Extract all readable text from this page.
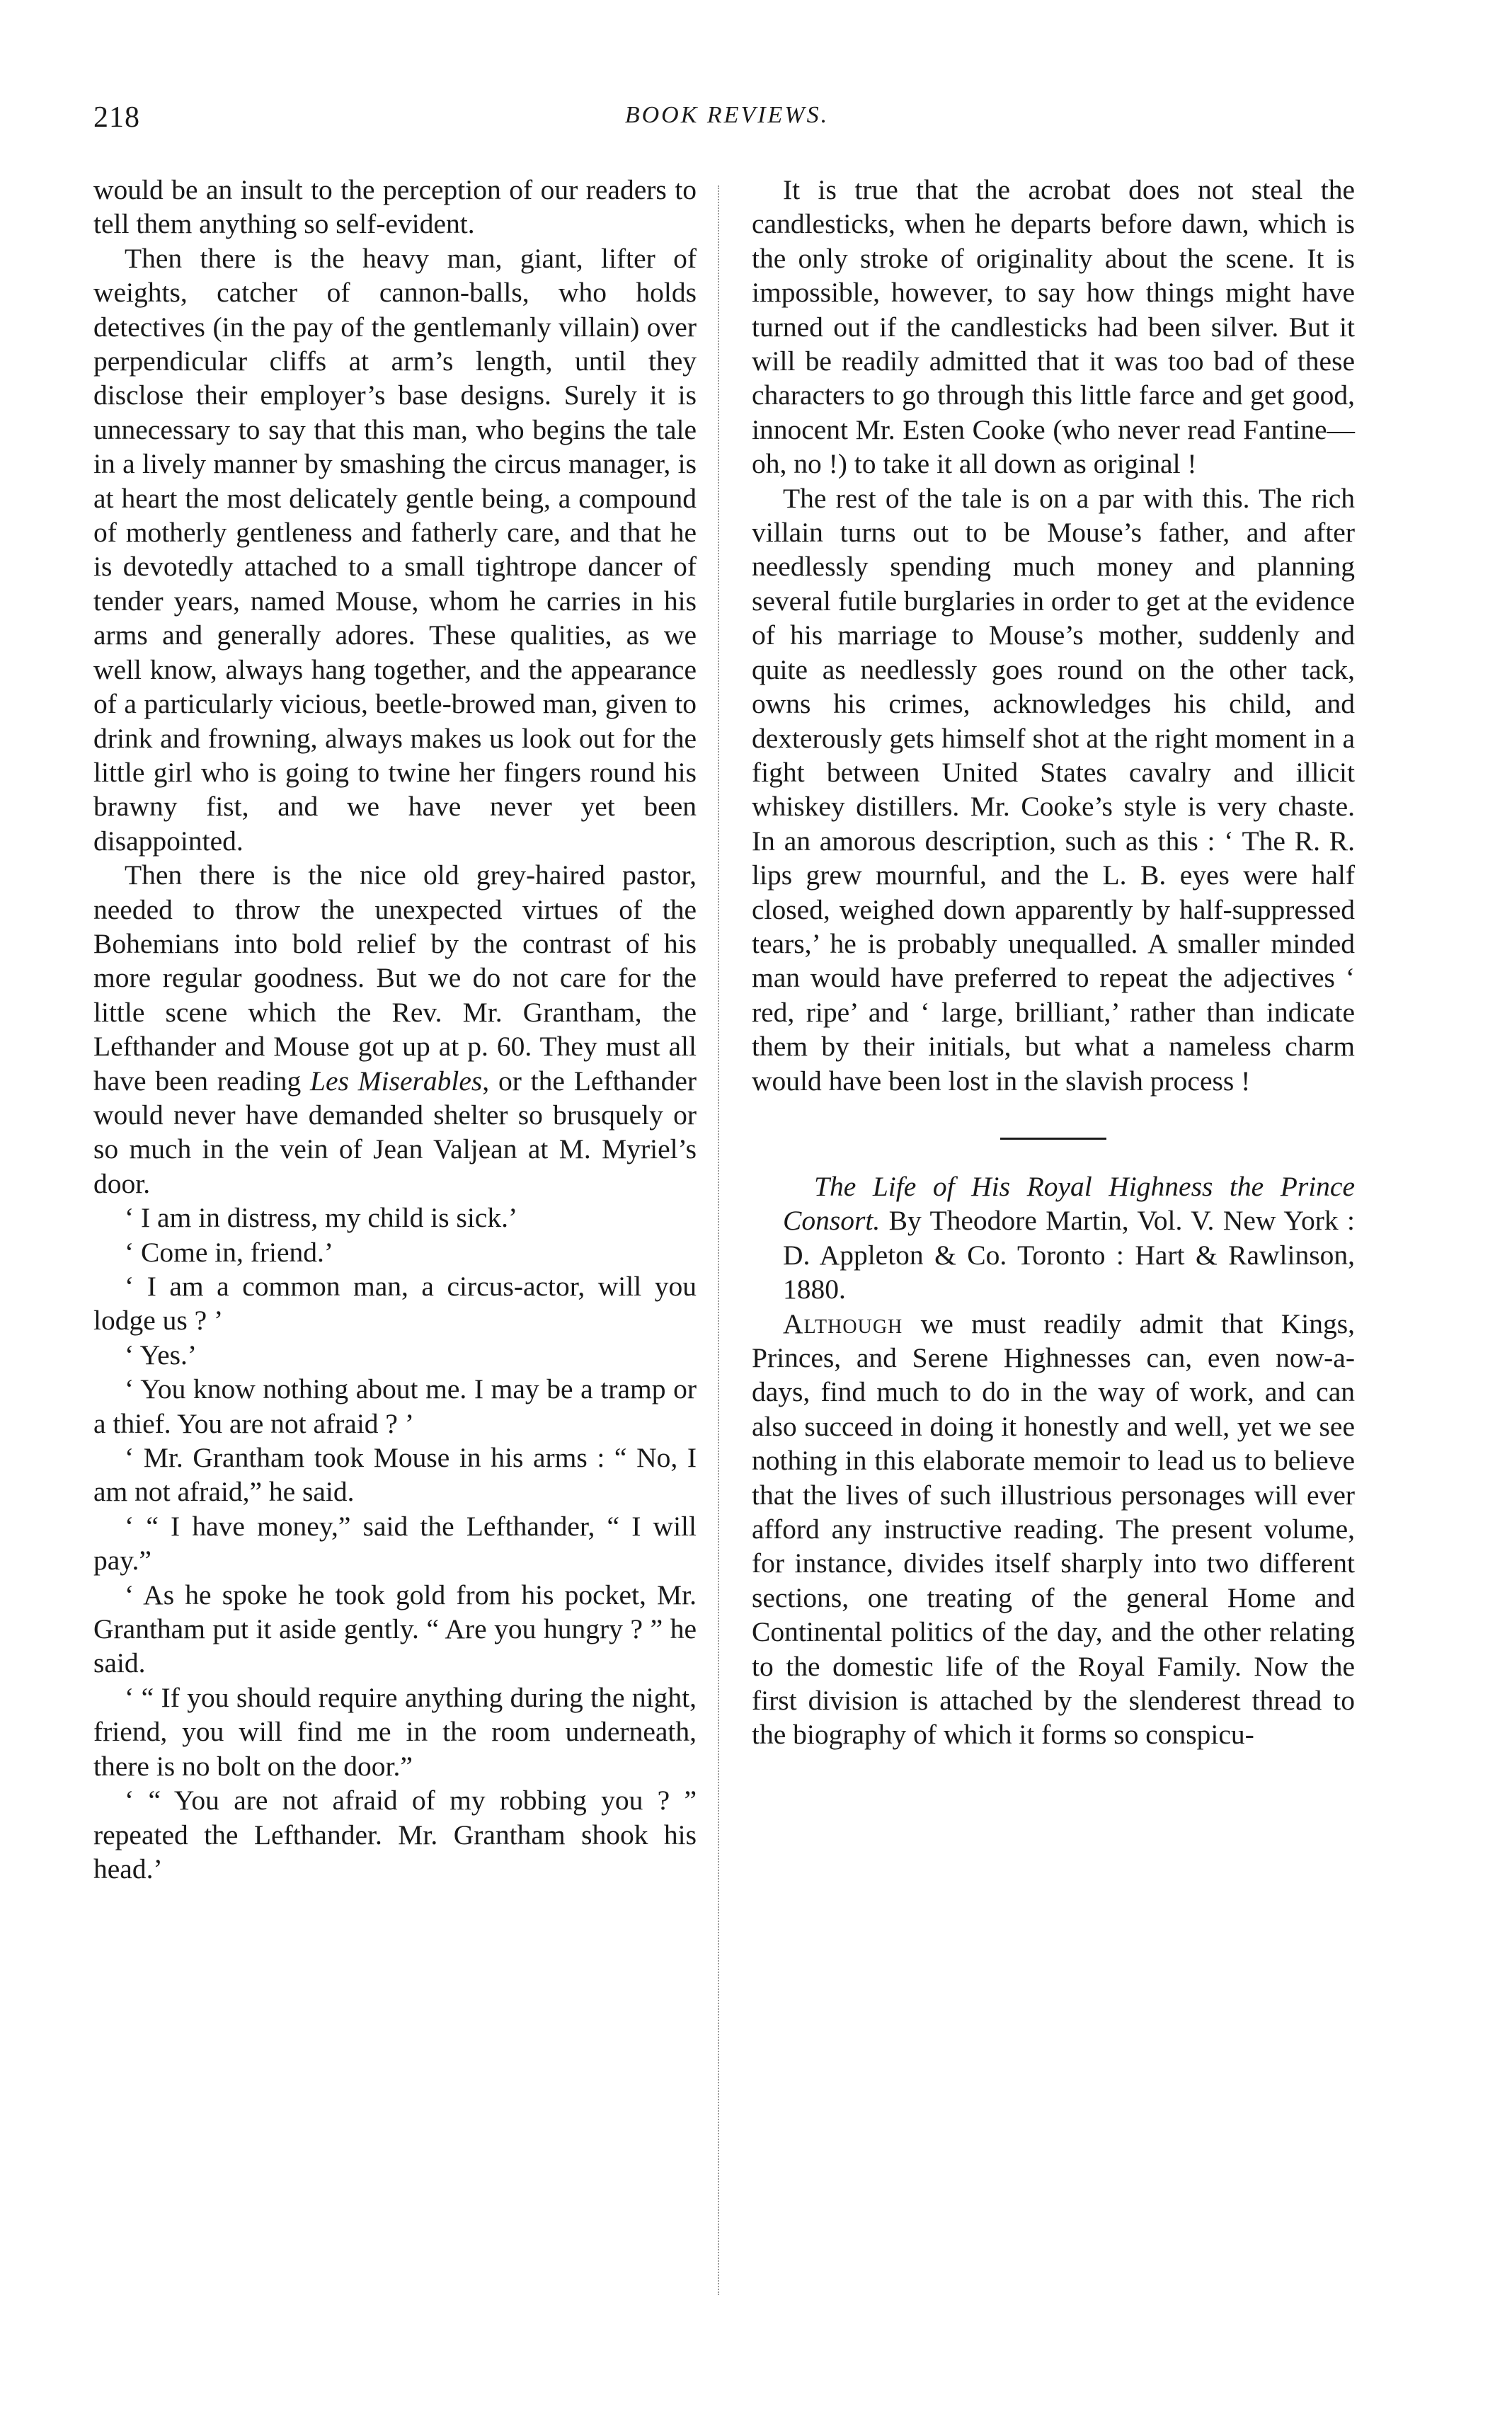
218	BOOK REVIEWS.

would be an insult to the perception of our readers to tell them anything so self-evident.

Then there is the heavy man, giant, lifter of weights, catcher of cannon-balls, who holds detectives (in the pay of the gentlemanly villain) over perpendicular cliffs at arm’s length, until they disclose their employer’s base designs. Surely it is unnecessary to say that this man, who begins the tale in a lively manner by smashing the circus manager, is at heart the most delicately gentle being, a compound of motherly gentleness and fatherly care, and that he is devotedly attached to a small tightrope dancer of tender years, named Mouse, whom he carries in his arms and generally adores. These qualities, as we well know, always hang together, and the appearance of a particularly vicious, beetle-browed man, given to drink and frowning, always makes us look out for the little girl who is going to twine her fingers round his brawny fist, and we have never yet been disappointed.

Then there is the nice old grey-haired pastor, needed to throw the unexpected virtues of the Bohemians into bold relief by the contrast of his more regular goodness. But we do not care for the little scene which the Rev. Mr. Grantham, the Lefthander and Mouse got up at p. 60. They must all have been reading Les Miserables, or the Lefthander would never have demanded shelter so brusquely or so much in the vein of Jean Valjean at M. Myriel’s door.

‘ I am in distress, my child is sick.’

‘ Come in, friend.’

‘ I am a common man, a circus-actor, will you lodge us ? ’

‘ Yes.’

‘ You know nothing about me. I may be a tramp or a thief. You are not afraid ? ’

‘ Mr. Grantham took Mouse in his arms : “ No, I am not afraid,” he said.

‘ “ I have money,” said the Lefthander, “ I will pay.”

‘ As he spoke he took gold from his pocket, Mr. Grantham put it aside gently. “ Are you hungry ? ” he said.

‘ “ If you should require anything during the night, friend, you will find me in the room underneath, there is no bolt on the door.”

‘ “ You are not afraid of my robbing you ? ” repeated the Lefthander. Mr. Grantham shook his head.’

It is true that the acrobat does not steal the candlesticks, when he departs before dawn, which is the only stroke of originality about the scene. It is impossible, however, to say how things might have turned out if the candlesticks had been silver. But it will be readily admitted that it was too bad of these characters to go through this little farce and get good, innocent Mr. Esten Cooke (who never read Fantine—oh, no !) to take it all down as original !

The rest of the tale is on a par with this. The rich villain turns out to be Mouse’s father, and after needlessly spending much money and planning several futile burglaries in order to get at the evidence of his marriage to Mouse’s mother, suddenly and quite as needlessly goes round on the other tack, owns his crimes, acknowledges his child, and dexterously gets himself shot at the right moment in a fight between United States cavalry and illicit whiskey distillers. Mr. Cooke’s style is very chaste. In an amorous description, such as this : ‘ The R. R. lips grew mournful, and the L. B. eyes were half closed, weighed down apparently by half-suppressed tears,’ he is probably unequalled. A smaller minded man would have preferred to repeat the adjectives ‘ red, ripe’ and ‘ large, brilliant,’ rather than indicate them by their initials, but what a nameless charm would have been lost in the slavish process !

The Life of His Royal Highness the Prince Consort. By Theodore Martin, Vol. V. New York : D. Appleton & Co. Toronto : Hart & Rawlinson, 1880.

Although we must readily admit that Kings, Princes, and Serene Highnesses can, even now-a-days, find much to do in the way of work, and can also succeed in doing it honestly and well, yet we see nothing in this elaborate memoir to lead us to believe that the lives of such illustrious personages will ever afford any instructive reading. The present volume, for instance, divides itself sharply into two different sections, one treating of the general Home and Continental politics of the day, and the other relating to the domestic life of the Royal Family. Now the first division is attached by the slenderest thread to the biography of which it forms so conspicu-
